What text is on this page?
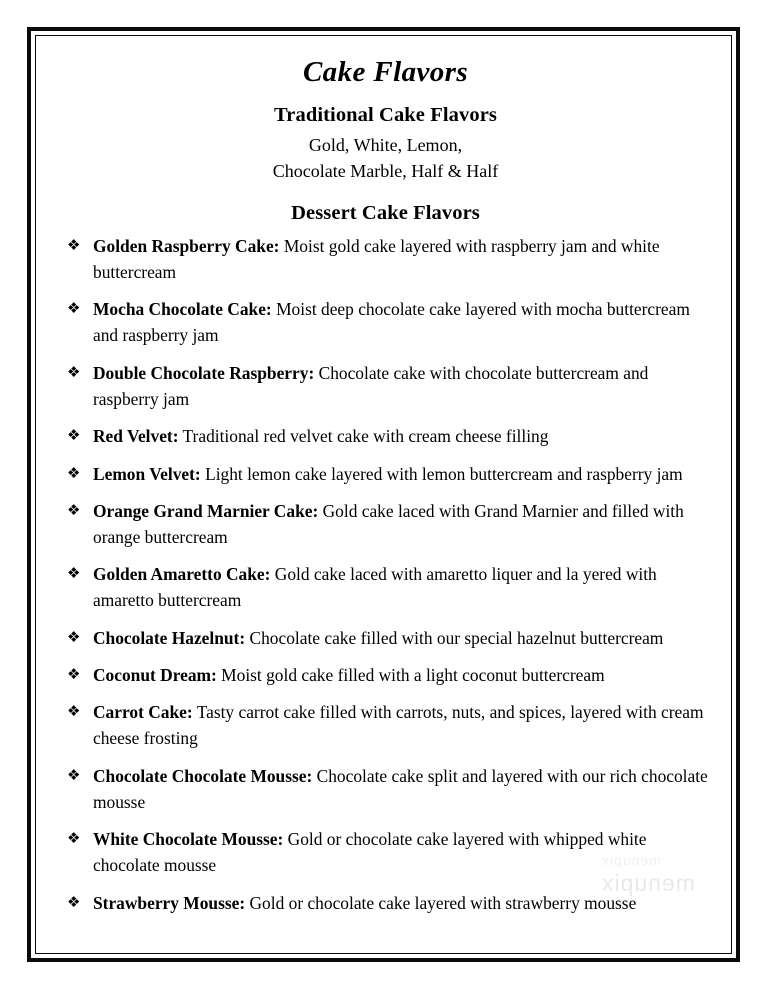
Cake Flavors
Traditional Cake Flavors
Gold, White, Lemon,
Chocolate Marble, Half & Half
Dessert Cake Flavors
❖ Golden Raspberry Cake: Moist gold cake layered with raspberry jam and white buttercream
❖ Mocha Chocolate Cake: Moist deep chocolate cake layered with mocha buttercream and raspberry jam
❖ Double Chocolate Raspberry: Chocolate cake with chocolate buttercream and raspberry jam
❖ Red Velvet: Traditional red velvet cake with cream cheese filling
❖ Lemon Velvet: Light lemon cake layered with lemon buttercream and raspberry jam
❖ Orange Grand Marnier Cake: Gold cake laced with Grand Marnier and filled with orange buttercream
❖ Golden Amaretto Cake: Gold cake laced with amaretto liquer and la yered with amaretto buttercream
❖ Chocolate Hazelnut: Chocolate cake filled with our special hazelnut buttercream
❖ Coconut Dream: Moist gold cake filled with a light coconut buttercream
❖ Carrot Cake: Tasty carrot cake filled with carrots, nuts, and spices, layered with cream cheese frosting
❖ Chocolate Chocolate Mousse: Chocolate cake split and layered with our rich chocolate mousse
❖ White Chocolate Mousse: Gold or chocolate cake layered with whipped white chocolate mousse
❖ Strawberry Mousse: Gold or chocolate cake layered with strawberry mousse
menupix
menupix
